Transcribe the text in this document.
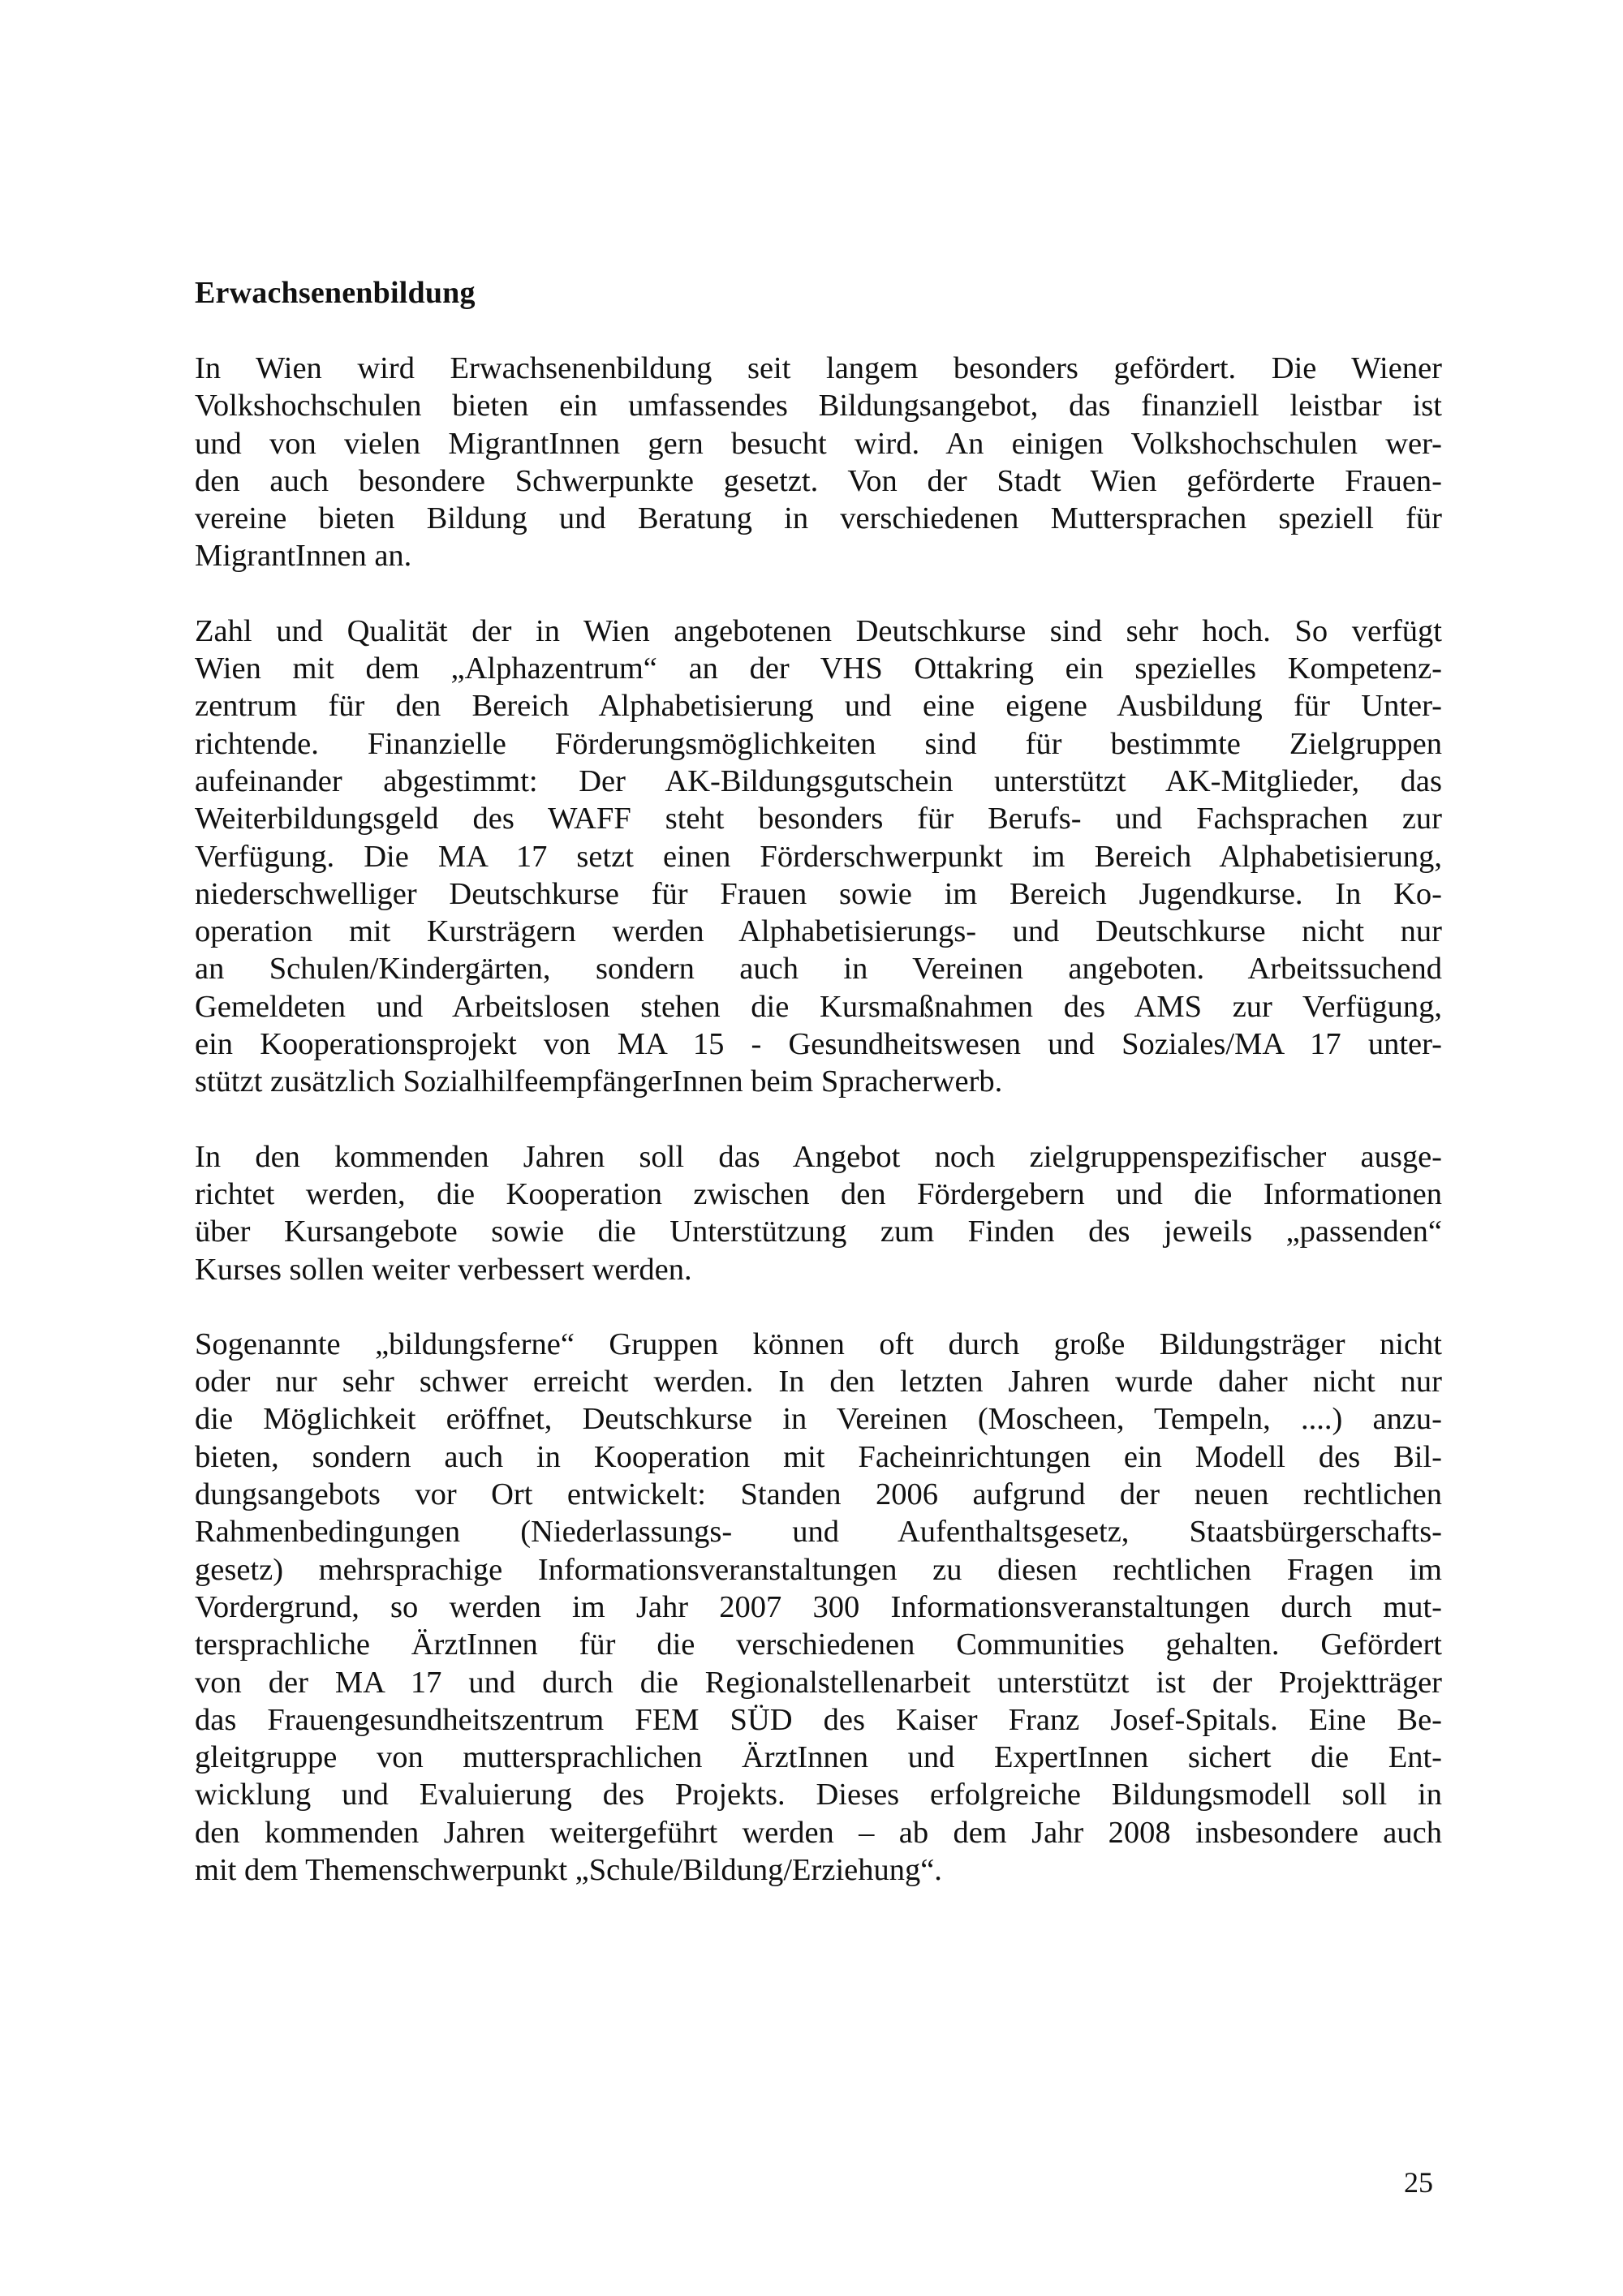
Erwachsenenbildung
In Wien wird Erwachsenenbildung seit langem besonders gefördert. Die Wiener
Volkshochschulen bieten ein umfassendes Bildungsangebot, das finanziell leistbar ist
und von vielen MigrantInnen gern besucht wird. An einigen Volkshochschulen wer-
den auch besondere Schwerpunkte gesetzt. Von der Stadt Wien geförderte Frauen-
vereine bieten Bildung und Beratung in verschiedenen Muttersprachen speziell für
MigrantInnen an.
Zahl und Qualität der in Wien angebotenen Deutschkurse sind sehr hoch. So verfügt
Wien mit dem „Alphazentrum“ an der VHS Ottakring ein spezielles Kompetenz-
zentrum für den Bereich Alphabetisierung und eine eigene Ausbildung für Unter-
richtende. Finanzielle Förderungsmöglichkeiten sind für bestimmte Zielgruppen
aufeinander abgestimmt: Der AK-Bildungsgutschein unterstützt AK-Mitglieder, das
Weiterbildungsgeld des WAFF steht besonders für Berufs- und Fachsprachen zur
Verfügung. Die MA 17 setzt einen Förderschwerpunkt im Bereich Alphabetisierung,
niederschwelliger Deutschkurse für Frauen sowie im Bereich Jugendkurse. In Ko-
operation mit Kursträgern werden Alphabetisierungs- und Deutschkurse nicht nur
an Schulen/Kindergärten, sondern auch in Vereinen angeboten. Arbeitssuchend
Gemeldeten und Arbeitslosen stehen die Kursmaßnahmen des AMS zur Verfügung,
ein Kooperationsprojekt von MA 15 - Gesundheitswesen und Soziales/MA 17 unter-
stützt zusätzlich SozialhilfeempfängerInnen beim Spracherwerb.
In den kommenden Jahren soll das Angebot noch zielgruppenspezifischer ausge-
richtet werden, die Kooperation zwischen den Fördergebern und die Informationen
über Kursangebote sowie die Unterstützung zum Finden des jeweils „passenden“
Kurses sollen weiter verbessert werden.
Sogenannte „bildungsferne“ Gruppen können oft durch große Bildungsträger nicht
oder nur sehr schwer erreicht werden. In den letzten Jahren wurde daher nicht nur
die Möglichkeit eröffnet, Deutschkurse in Vereinen (Moscheen, Tempeln, ....) anzu-
bieten, sondern auch in Kooperation mit Facheinrichtungen ein Modell des Bil-
dungsangebots vor Ort entwickelt: Standen 2006 aufgrund der neuen rechtlichen
Rahmenbedingungen (Niederlassungs- und Aufenthaltsgesetz, Staatsbürgerschafts-
gesetz) mehrsprachige Informationsveranstaltungen zu diesen rechtlichen Fragen im
Vordergrund, so werden im Jahr 2007 300 Informationsveranstaltungen durch mut-
tersprachliche ÄrztInnen für die verschiedenen Communities gehalten. Gefördert
von der MA 17 und durch die Regionalstellenarbeit unterstützt ist der Projektträger
das Frauengesundheitszentrum FEM SÜD des Kaiser Franz Josef-Spitals. Eine Be-
gleitgruppe von muttersprachlichen ÄrztInnen und ExpertInnen sichert die Ent-
wicklung und Evaluierung des Projekts. Dieses erfolgreiche Bildungsmodell soll in
den kommenden Jahren weitergeführt werden – ab dem Jahr 2008 insbesondere auch
mit dem Themenschwerpunkt „Schule/Bildung/Erziehung“.
25
